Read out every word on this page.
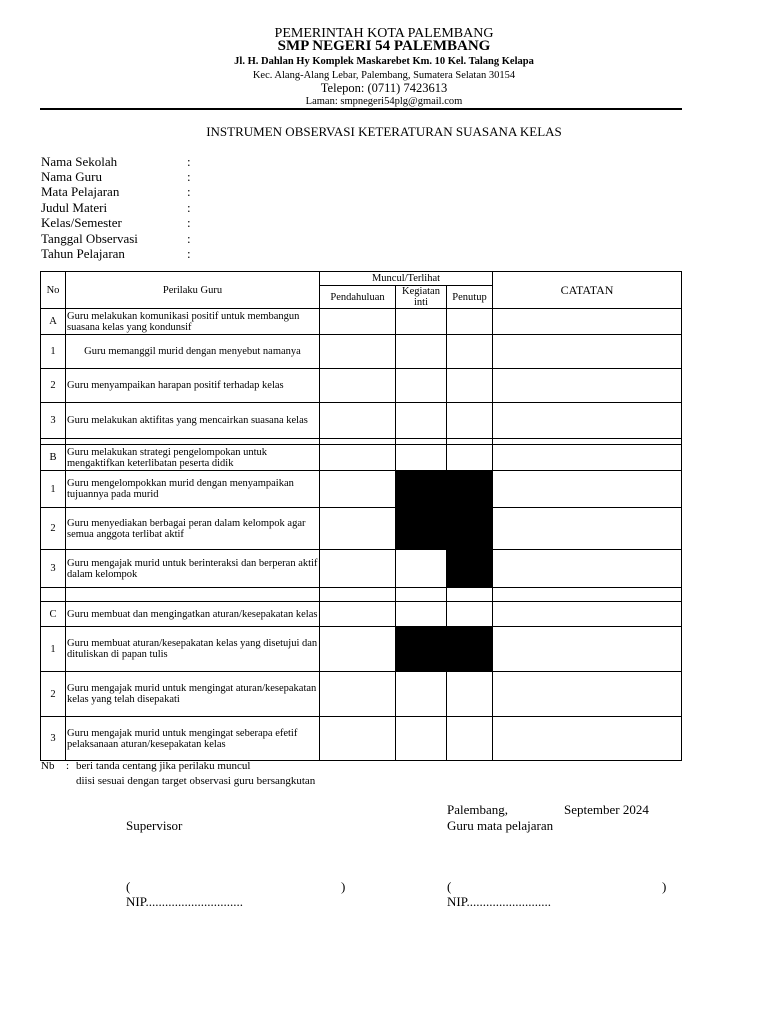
PEMERINTAH KOTA PALEMBANG
SMP NEGERI 54 PALEMBANG
Jl. H. Dahlan Hy Komplek Maskarebet Km. 10 Kel. Talang Kelapa
Kec. Alang-Alang Lebar, Palembang, Sumatera Selatan 30154
Telepon: (0711) 7423613
Laman: smpnegeri54plg@gmail.com
INSTRUMEN OBSERVASI KETERATURAN SUASANA KELAS
Nama Sekolah	:
Nama Guru	:
Mata Pelajaran	:
Judul Materi	:
Kelas/Semester	:
Tanggal Observasi	:
Tahun Pelajaran	:
No	Perilaku Guru	Muncul/Terlihat			CATATAN
		Pendahuluan	Kegiatan inti	Penutup	
A	Guru melakukan komunikasi positif untuk membangun suasana kelas yang kondunsif				
1	Guru memanggil murid dengan menyebut namanya				
2	Guru menyampaikan harapan positif terhadap kelas				
3	Guru melakukan aktifitas yang mencairkan suasana kelas				

B	Guru melakukan strategi pengelompokan untuk mengaktifkan keterlibatan peserta didik				
1	Guru mengelompokkan murid dengan menyampaikan tujuannya pada murid				
2	Guru menyediakan berbagai peran dalam kelompok agar semua anggota terlibat aktif				
3	Guru mengajak murid untuk berinteraksi dan berperan aktif dalam kelompok				

C	Guru membuat dan mengingatkan aturan/kesepakatan kelas				
1	Guru membuat aturan/kesepakatan kelas yang disetujui dan dituliskan di papan tulis				
2	Guru mengajak murid untuk mengingat aturan/kesepakatan kelas yang telah disepakati				
3	Guru mengajak murid untuk mengingat seberapa efetif pelaksanaan aturan/kesepakatan kelas				
Nb : beri tanda centang jika perilaku muncul
diisi sesuai dengan target observasi guru bersangkutan
Palembang,	September 2024
Supervisor	Guru mata pelajaran
(	)	(	)
NIP..............................	NIP..........................
